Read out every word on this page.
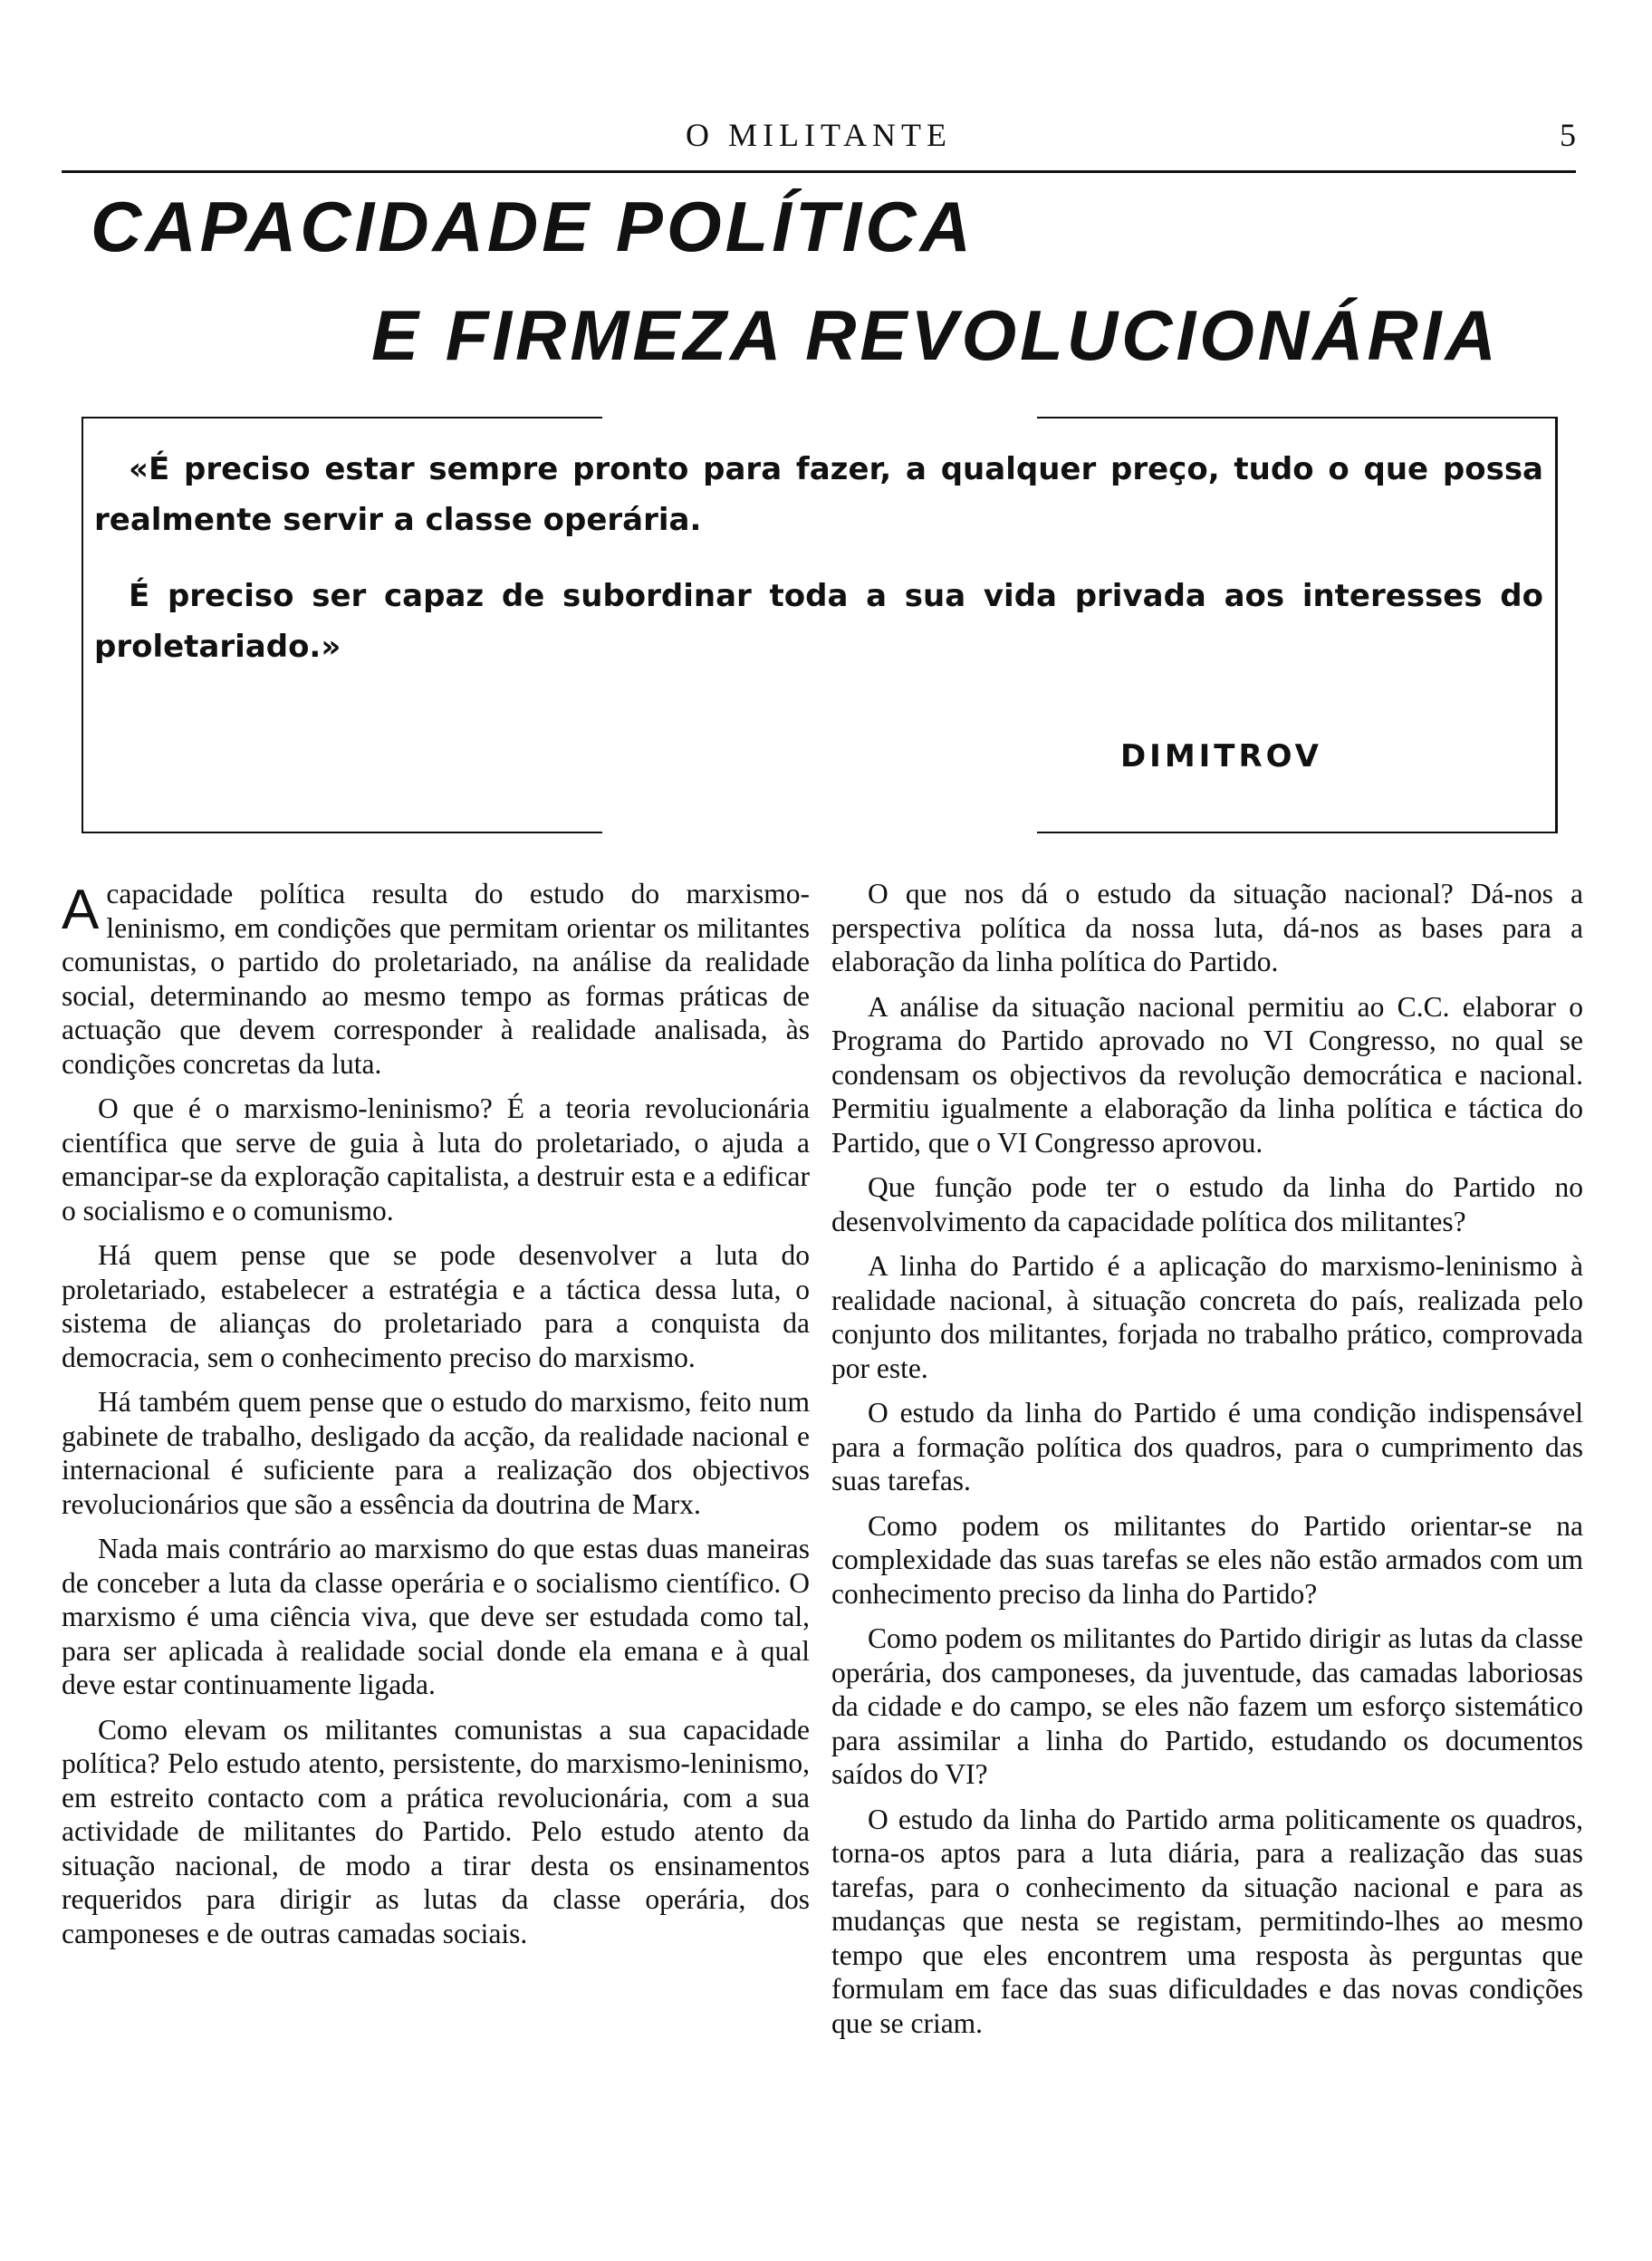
O MILITANTE	5
CAPACIDADE POLÍTICA
E FIRMEZA REVOLUCIONÁRIA

«É preciso estar sempre pronto para fazer, a qualquer preço, tudo o que possa realmente servir a classe operária.

É preciso ser capaz de subordinar toda a sua vida privada aos interesses do proletariado.»

DIMITROV

Acapacidade política resulta do estudo do marxismo-leninismo, em condições que permitam orientar os militantes comunistas, o partido do proletariado, na análise da realidade social, determinando ao mesmo tempo as formas práticas de actuação que devem corresponder à realidade analisada, às condições concretas da luta.

O que é o marxismo-leninismo? É a teoria revolucionária científica que serve de guia à luta do proletariado, o ajuda a emancipar-se da exploração capitalista, a destruir esta e a edificar o socialismo e o comunismo.

Há quem pense que se pode desenvolver a luta do proletariado, estabelecer a estratégia e a táctica dessa luta, o sistema de alianças do proletariado para a conquista da democracia, sem o conhecimento preciso do marxismo.

Há também quem pense que o estudo do marxismo, feito num gabinete de trabalho, desligado da acção, da realidade nacional e internacional é suficiente para a realização dos objectivos revolucionários que são a essência da doutrina de Marx.

Nada mais contrário ao marxismo do que estas duas maneiras de conceber a luta da classe operária e o socialismo científico. O marxismo é uma ciência viva, que deve ser estudada como tal, para ser aplicada à realidade social donde ela emana e à qual deve estar continuamente ligada.

Como elevam os militantes comunistas a sua capacidade política? Pelo estudo atento, persistente, do marxismo-leninismo, em estreito contacto com a prática revolucionária, com a sua actividade de militantes do Partido. Pelo estudo atento da situação nacional, de modo a tirar desta os ensinamentos requeridos para dirigir as lutas da classe operária, dos camponeses e de outras camadas sociais.

O que nos dá o estudo da situação nacional? Dá-nos a perspectiva política da nossa luta, dá-nos as bases para a elaboração da linha política do Partido.

A análise da situação nacional permitiu ao C.C. elaborar o Programa do Partido aprovado no VI Congresso, no qual se condensam os objectivos da revolução democrática e nacional. Permitiu igualmente a elaboração da linha política e táctica do Partido, que o VI Congresso aprovou.

Que função pode ter o estudo da linha do Partido no desenvolvimento da capacidade política dos militantes?

A linha do Partido é a aplicação do marxismo-leninismo à realidade nacional, à situação concreta do país, realizada pelo conjunto dos militantes, forjada no trabalho prático, comprovada por este.

O estudo da linha do Partido é uma condição indispensável para a formação política dos quadros, para o cumprimento das suas tarefas.

Como podem os militantes do Partido orientar-se na complexidade das suas tarefas se eles não estão armados com um conhecimento preciso da linha do Partido?

Como podem os militantes do Partido dirigir as lutas da classe operária, dos camponeses, da juventude, das camadas laboriosas da cidade e do campo, se eles não fazem um esforço sistemático para assimilar a linha do Partido, estudando os documentos saídos do VI?

O estudo da linha do Partido arma politicamente os quadros, torna-os aptos para a luta diária, para a realização das suas tarefas, para o conhecimento da situação nacional e para as mudanças que nesta se registam, permitindo-lhes ao mesmo tempo que eles encontrem uma resposta às perguntas que formulam em face das suas dificuldades e das novas condições que se criam.
